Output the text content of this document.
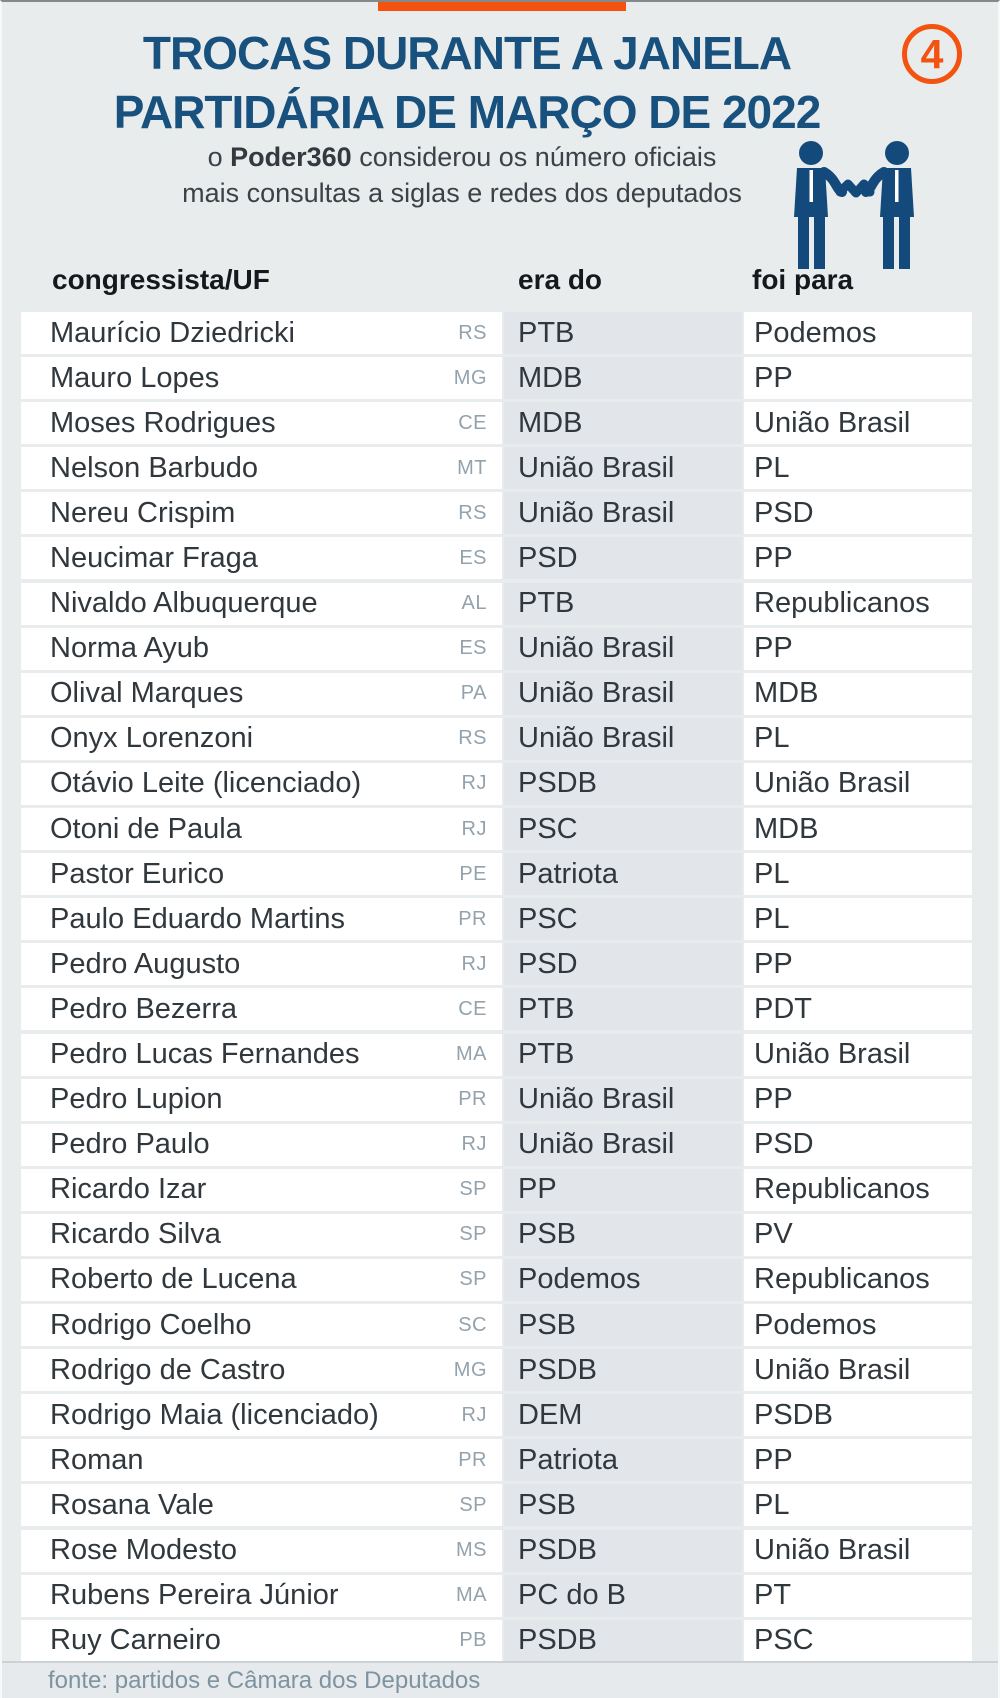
4
TROCAS DURANTE A JANELA
PARTIDÁRIA DE MARÇO DE 2022
o Poder360 considerou os número oficiais
mais consultas a siglas e redes dos deputados
congressista/UF	era do	foi para
Maurício Dziedricki	RS PTB	Podemos
Mauro Lopes	MG MDB	PP
Moses Rodrigues	CE MDB	União Brasil
Nelson Barbudo	MT União Brasil	PL
Nereu Crispim	RS União Brasil	PSD
Neucimar Fraga	ES PSD	PP
Nivaldo Albuquerque	AL PTB	Republicanos
Norma Ayub	ES União Brasil	PP
Olival Marques	PA União Brasil	MDB
Onyx Lorenzoni	RS União Brasil	PL
Otávio Leite (licenciado)	RJ PSDB	União Brasil
Otoni de Paula	RJ PSC	MDB
Pastor Eurico	PE Patriota	PL
Paulo Eduardo Martins	PR PSC	PL
Pedro Augusto	RJ PSD	PP
Pedro Bezerra	CE PTB	PDT
Pedro Lucas Fernandes	MA PTB	União Brasil
Pedro Lupion	PR União Brasil	PP
Pedro Paulo	RJ União Brasil	PSD
Ricardo Izar	SP PP	Republicanos
Ricardo Silva	SP PSB	PV
Roberto de Lucena	SP Podemos	Republicanos
Rodrigo Coelho	SC PSB	Podemos
Rodrigo de Castro	MG PSDB	União Brasil
Rodrigo Maia (licenciado)	RJ DEM	PSDB
Roman	PR Patriota	PP
Rosana Vale	SP PSB	PL
Rose Modesto	MS PSDB	União Brasil
Rubens Pereira Júnior	MA PC do B	PT
Ruy Carneiro	PB PSDB	PSC
fonte: partidos e Câmara dos Deputados
